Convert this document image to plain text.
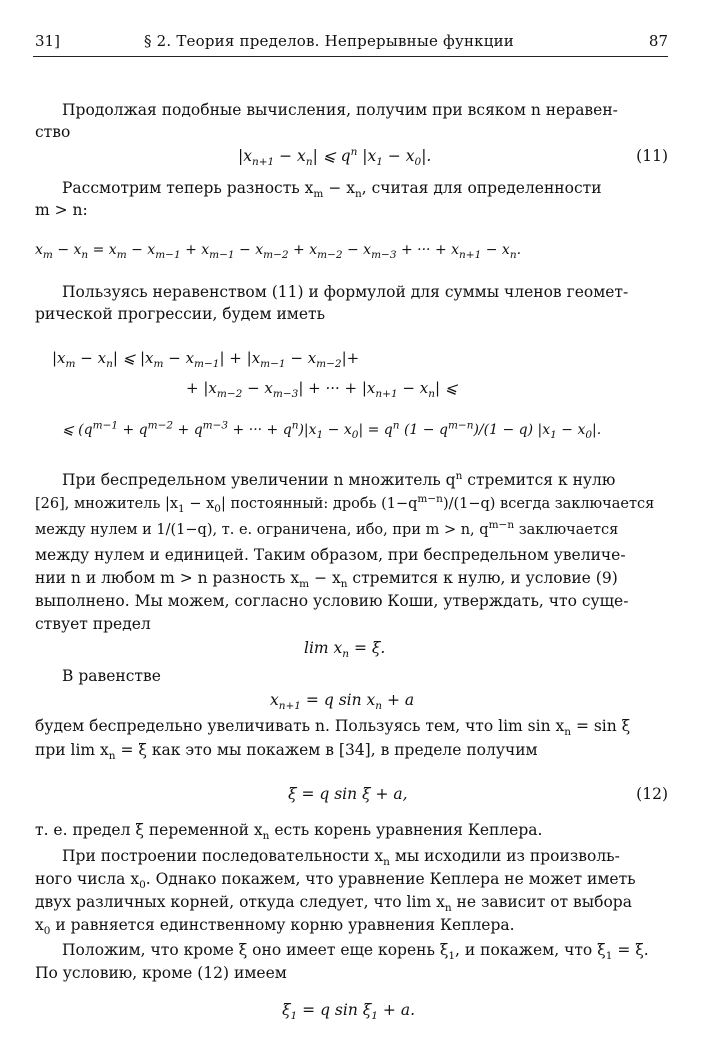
31]	§ 2. Теория пределов. Непрерывные функции	87
Продолжая подобные вычисления, получим при всяком n неравен-
ство
$|x_{n+1} - x_n|$ ⩽ $q^n$ $|x_1 - x_0|$.	(11)
Рассмотрим теперь разность $x_m - x_n$, считая для определенности
m > n:
$x_m - x_n = x_m - x_{m-1} + x_{m-1} - x_{m-2} + x_{m-2} - x_{m-3}$ + ··· + $x_{n+1} - x_n$.
Пользуясь неравенством (11) и формулой для суммы членов геомет-
рической прогрессии, будем иметь
$|x_m - x_n|$ ⩽ $|x_m - x_{m-1}| + |x_{m-1} - x_{m-2}|+$
+ $|x_{m-2} - x_{m-3}|$ + ··· + $|x_{n+1} - x_n|$ ⩽
⩽ ($q^{m-1} + q^{m-2} + q^{m-3}$ + ··· + $q^n)|x_1 - x_0| = q^n$ $(1 - q^{m-n})/(1 - q)$ $|x_1 - x_0|$.
При беспредельном увеличении n множитель $q^n$ стремится к нулю
[26], множитель $|x_1 - x_0|$ постоянный: дробь $(1-q^{m-n})/(1-q)$ всегда заключается
между нулем и 1/(1−q), т. е. ограничена, ибо, при m > n, $q^{m-n}$ заключается
между нулем и единицей. Таким образом, при беспредельном увеличе-
нии n и любом m > n разность $x_m - x_n$ стремится к нулю, и условие (9)
выполнено. Мы можем, согласно условию Коши, утверждать, что суще-
ствует предел
$\lim x_n = \xi$.
В равенстве
$x_{n+1} = q$ $\sin x_n + a$
будем беспредельно увеличивать n. Пользуясь тем, что $\lim \sin x_n = \sin \xi$
при $\lim x_n = \xi$ как это мы покажем в [34], в пределе получим
ξ = q sin ξ + a,	(12)
т. е. предел ξ переменной $x_n$ есть корень уравнения Кеплера.
При построении последовательности $x_n$ мы исходили из произволь-
ного числа $x_0$. Однако покажем, что уравнение Кеплера не может иметь
двух различных корней, откуда следует, что $\lim x_n$ не зависит от выбора
$x_0$ и равняется единственному корню уравнения Кеплера.
Положим, что кроме ξ оно имеет еще корень $\xi_1$, и покажем, что $\xi_1 = \xi$.
По условию, кроме (12) имеем
$\xi_1 = q$ $\sin \xi_1 + a$.
